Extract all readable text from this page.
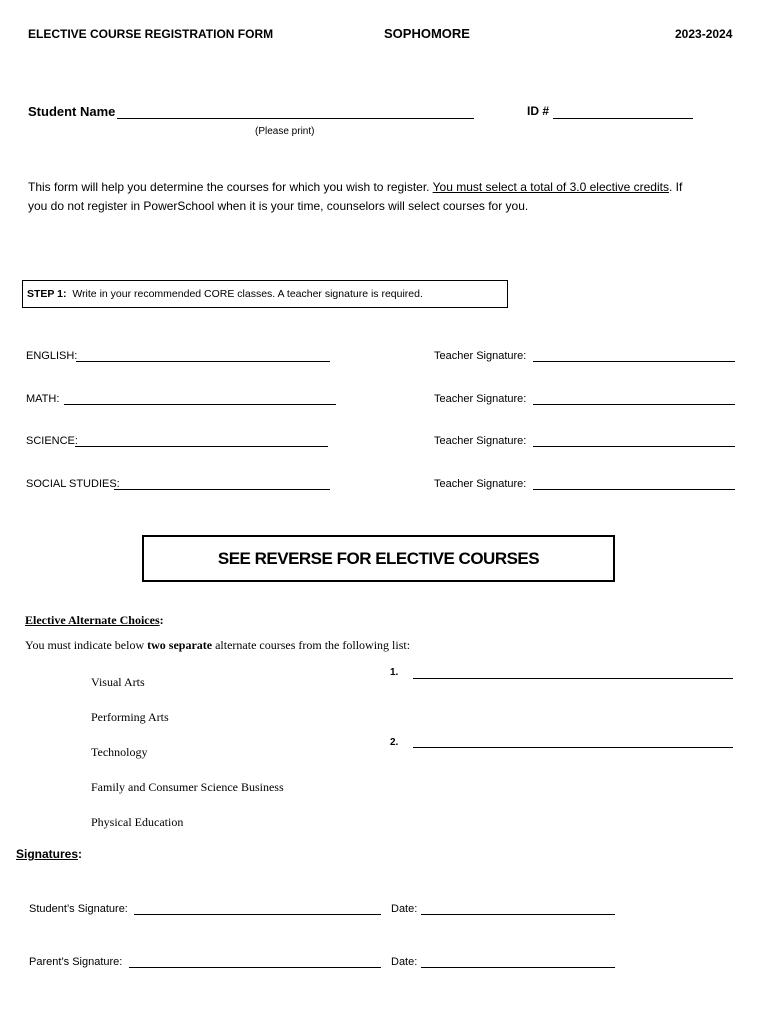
ELECTIVE COURSE REGISTRATION FORM	SOPHOMORE	2023-2024
Student Name
(Please print)
ID #
This form will help you determine the courses for which you wish to register. You must select a total of 3.0 elective credits. If
you do not register in PowerSchool when it is your time, counselors will select courses for you.
STEP 1: Write in your recommended CORE classes. A teacher signature is required.
ENGLISH:	Teacher Signature:
MATH:	Teacher Signature:
SCIENCE:	Teacher Signature:
SOCIAL STUDIES:	Teacher Signature:
SEE REVERSE FOR ELECTIVE COURSES
Elective Alternate Choices:
You must indicate below two separate alternate courses from the following list:
Visual Arts
Performing Arts
Technology
Family and Consumer Science Business
Physical Education
1.
2.
Signatures:
Student’s Signature:	Date:
Parent’s Signature:	Date:
